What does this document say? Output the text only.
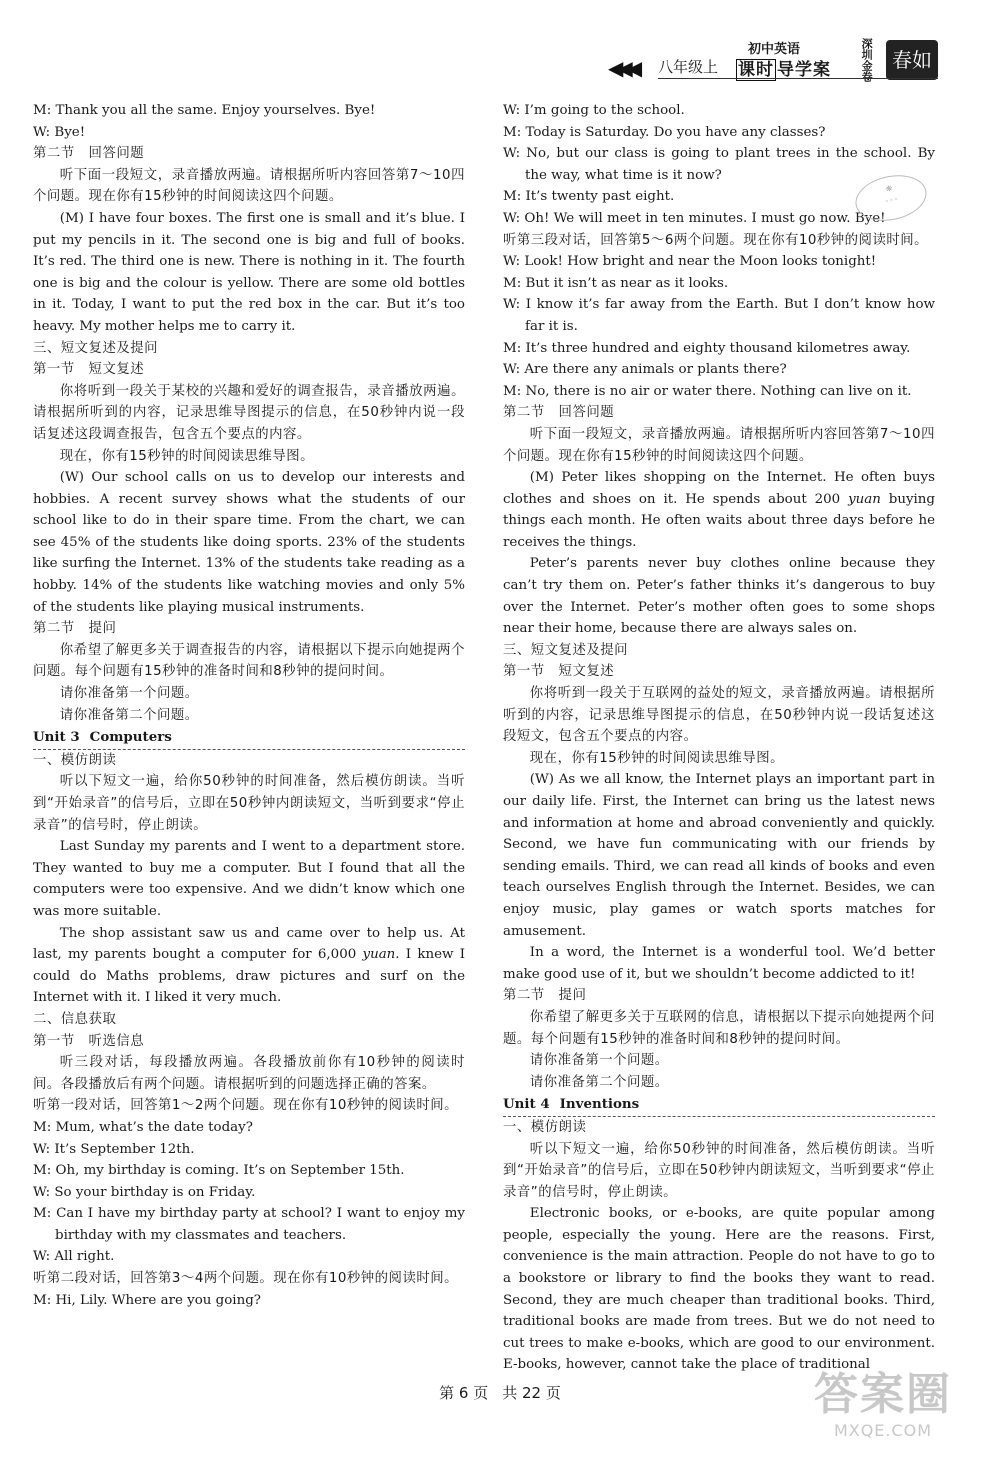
◀◀◀ 八年级上
初中英语
课时 导学案	深圳金卷 春如

M: Thank you all the same. Enjoy yourselves. Bye!

W: Bye!

第二节　回答问题

听下面一段短文，录音播放两遍。请根据所听内容回答第7～10四个问题。现在你有15秒钟的时间阅读这四个问题。

(M) I have four boxes. The first one is small and it’s blue. I put my pencils in it. The second one is big and full of books. It’s red. The third one is new. There is nothing in it. The fourth one is big and the colour is yellow. There are some old bottles in it. Today, I want to put the red box in the car. But it’s too heavy. My mother helps me to carry it.

三、短文复述及提问

第一节　短文复述

你将听到一段关于某校的兴趣和爱好的调查报告，录音播放两遍。请根据所听到的内容，记录思维导图提示的信息，在50秒钟内说一段话复述这段调查报告，包含五个要点的内容。

现在，你有15秒钟的时间阅读思维导图。

(W) Our school calls on us to develop our interests and hobbies. A recent survey shows what the students of our school like to do in their spare time. From the chart, we can see 45% of the students like doing sports. 23% of the students like surfing the Internet. 13% of the students take reading as a hobby. 14% of the students like watching movies and only 5% of the students like playing musical instruments.

第二节　提问

你希望了解更多关于调查报告的内容，请根据以下提示向她提两个问题。每个问题有15秒钟的准备时间和8秒钟的提问时间。

请你准备第一个问题。

请你准备第二个问题。

Unit 3 Computers

一、模仿朗读

听以下短文一遍，给你50秒钟的时间准备，然后模仿朗读。当听到“开始录音”的信号后，立即在50秒钟内朗读短文，当听到要求“停止录音”的信号时，停止朗读。

Last Sunday my parents and I went to a department store. They wanted to buy me a computer. But I found that all the computers were too expensive. And we didn’t know which one was more suitable.

The shop assistant saw us and came over to help us. At last, my parents bought a computer for 6,000 yuan. I knew I could do Maths problems, draw pictures and surf on the Internet with it. I liked it very much.

二、信息获取

第一节　听选信息

听三段对话，每段播放两遍。各段播放前你有10秒钟的阅读时间。各段播放后有两个问题。请根据听到的问题选择正确的答案。

听第一段对话，回答第1～2两个问题。现在你有10秒钟的阅读时间。

M: Mum, what’s the date today?

W: It’s September 12th.

M: Oh, my birthday is coming. It’s on September 15th.

W: So your birthday is on Friday.

M: Can I have my birthday party at school? I want to enjoy my birthday with my classmates and teachers.

W: All right.

听第二段对话，回答第3～4两个问题。现在你有10秒钟的阅读时间。

M: Hi, Lily. Where are you going?

W: I’m going to the school.

M: Today is Saturday. Do you have any classes?

W: No, but our class is going to plant trees in the school. By the way, what time is it now?

M: It’s twenty past eight.

W: Oh! We will meet in ten minutes. I must go now. Bye!

听第三段对话，回答第5～6两个问题。现在你有10秒钟的阅读时间。

W: Look! How bright and near the Moon looks tonight!

M: But it isn’t as near as it looks.

W: I know it’s far away from the Earth. But I don’t know how far it is.

M: It’s three hundred and eighty thousand kilometres away.

W: Are there any animals or plants there?

M: No, there is no air or water there. Nothing can live on it.

第二节　回答问题

听下面一段短文，录音播放两遍。请根据所听内容回答第7～10四个问题。现在你有15秒钟的时间阅读这四个问题。

(M) Peter likes shopping on the Internet. He often buys clothes and shoes on it. He spends about 200 yuan buying things each month. He often waits about three days before he receives the things.

Peter’s parents never buy clothes online because they can’t try them on. Peter’s father thinks it’s dangerous to buy over the Internet. Peter’s mother often goes to some shops near their home, because there are always sales on.

三、短文复述及提问

第一节　短文复述

你将听到一段关于互联网的益处的短文，录音播放两遍。请根据所听到的内容，记录思维导图提示的信息，在50秒钟内说一段话复述这段短文，包含五个要点的内容。

现在，你有15秒钟的时间阅读思维导图。

(W) As we all know, the Internet plays an important part in our daily life. First, the Internet can bring us the latest news and information at home and abroad conveniently and quickly. Second, we have fun communicating with our friends by sending emails. Third, we can read all kinds of books and even teach ourselves English through the Internet. Besides, we can enjoy music, play games or watch sports matches for amusement.

In a word, the Internet is a wonderful tool. We’d better make good use of it, but we shouldn’t become addicted to it!

第二节　提问

你希望了解更多关于互联网的信息，请根据以下提示向她提两个问题。每个问题有15秒钟的准备时间和8秒钟的提问时间。

请你准备第一个问题。

请你准备第二个问题。

Unit 4 Inventions

一、模仿朗读

听以下短文一遍，给你50秒钟的时间准备，然后模仿朗读。当听到“开始录音”的信号后，立即在50秒钟内朗读短文，当听到要求“停止录音”的信号时，停止朗读。

Electronic books, or e-books, are quite popular among people, especially the young. Here are the reasons. First, convenience is the main attraction. People do not have to go to a bookstore or library to find the books they want to read. Second, they are much cheaper than traditional books. Third, traditional books are made from trees. But we do not need to cut trees to make e-books, which are good to our environment. E-books, however, cannot take the place of traditional

❋
◦◦◦
第 6 页 共 22 页	答案圈
MXQE.COM
